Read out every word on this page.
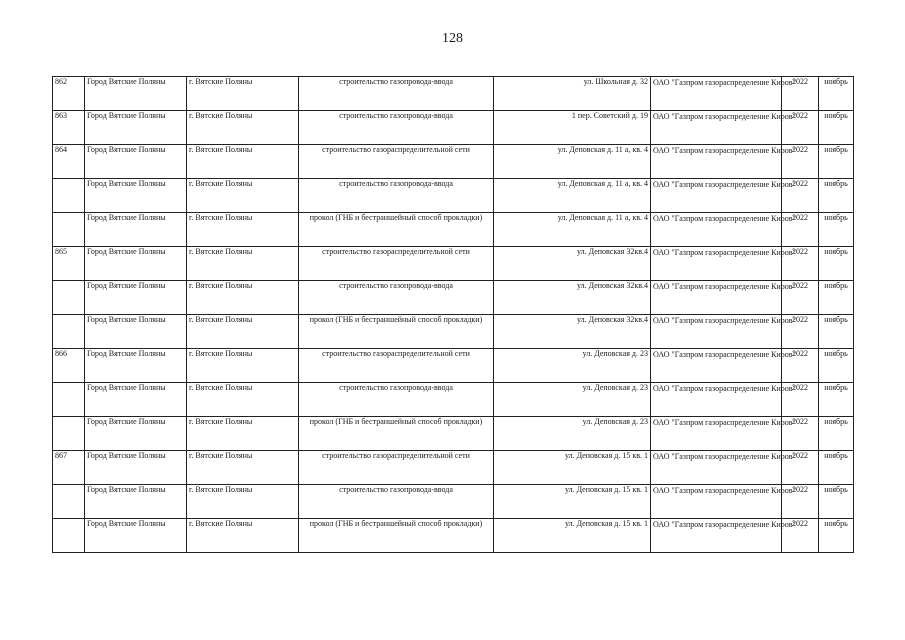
128
862	Город Вятские Поляны	г. Вятские Поляны	строительство газопровода-ввода	ул. Школьная д. 32	ОАО "Газпром газораспределение Киров"	2022	ноябрь
863	Город Вятские Поляны	г. Вятские Поляны	строительство газопровода-ввода	1 пер. Советский д. 19	ОАО "Газпром газораспределение Киров"	2022	ноябрь
864	Город Вятские Поляны	г. Вятские Поляны	строительство газораспределительной сети	ул. Деповская д. 11 а, кв. 4	ОАО "Газпром газораспределение Киров"	2022	ноябрь
	Город Вятские Поляны	г. Вятские Поляны	строительство газопровода-ввода	ул. Деповская д. 11 а, кв. 4	ОАО "Газпром газораспределение Киров"	2022	ноябрь
	Город Вятские Поляны	г. Вятские Поляны	прокол (ГНБ и бестраншейный способ прокладки)	ул. Деповская д. 11 а, кв. 4	ОАО "Газпром газораспределение Киров"	2022	ноябрь
865	Город Вятские Поляны	г. Вятские Поляны	строительство газораспределительной сети	ул. Деповская 32кв.4	ОАО "Газпром газораспределение Киров"	2022	ноябрь
	Город Вятские Поляны	г. Вятские Поляны	строительство газопровода-ввода	ул. Деповская 32кв.4	ОАО "Газпром газораспределение Киров"	2022	ноябрь
	Город Вятские Поляны	г. Вятские Поляны	прокол (ГНБ и бестраншейный способ прокладки)	ул. Деповская 32кв.4	ОАО "Газпром газораспределение Киров"	2022	ноябрь
866	Город Вятские Поляны	г. Вятские Поляны	строительство газораспределительной сети	ул. Деповская д. 23	ОАО "Газпром газораспределение Киров"	2022	ноябрь
	Город Вятские Поляны	г. Вятские Поляны	строительство газопровода-ввода	ул. Деповская д. 23	ОАО "Газпром газораспределение Киров"	2022	ноябрь
	Город Вятские Поляны	г. Вятские Поляны	прокол (ГНБ и бестраншейный способ прокладки)	ул. Деповская д. 23	ОАО "Газпром газораспределение Киров"	2022	ноябрь
867	Город Вятские Поляны	г. Вятские Поляны	строительство газораспределительной сети	ул. Деповская д. 15 кв. 1	ОАО "Газпром газораспределение Киров"	2022	ноябрь
	Город Вятские Поляны	г. Вятские Поляны	строительство газопровода-ввода	ул. Деповская д. 15 кв. 1	ОАО "Газпром газораспределение Киров"	2022	ноябрь
	Город Вятские Поляны	г. Вятские Поляны	прокол (ГНБ и бестраншейный способ прокладки)	ул. Деповская д. 15 кв. 1	ОАО "Газпром газораспределение Киров"	2022	ноябрь
